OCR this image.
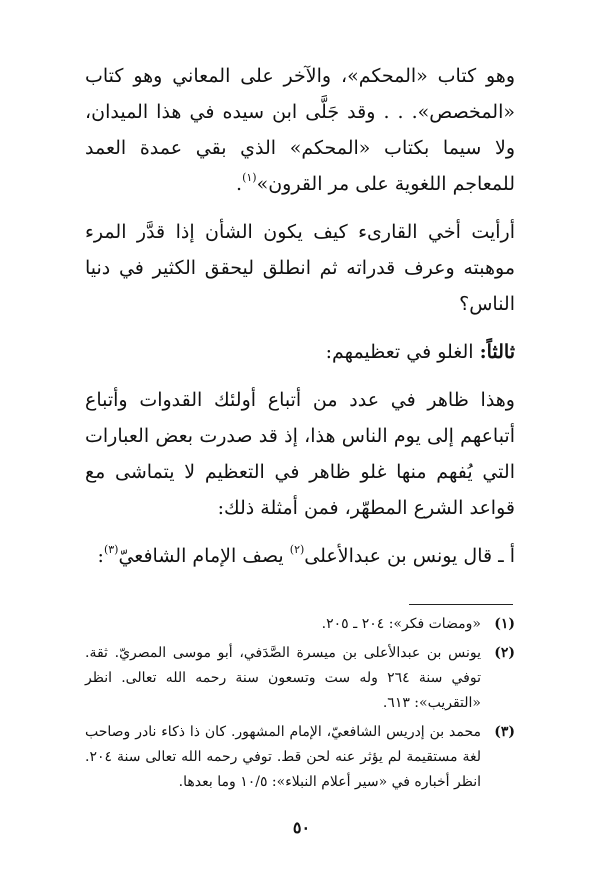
وهو كتاب «المحكم»، والآخر على المعاني وهو كتاب «المخصص». . . وقد جَلَّى ابن سيده في هذا الميدان، ولا سيما بكتاب «المحكم» الذي بقي عمدة العمد للمعاجم اللغوية على مر القرون»$^{(١)}$.

أرأيت أخي القارىء كيف يكون الشأن إذا قدَّر المرء موهبته وعرف قدراته ثم انطلق ليحقق الكثير في دنيا الناس؟

ثالثاً: الغلو في تعظيمهم:

وهذا ظاهر في عدد من أتباع أولئك القدوات وأتباع أتباعهم إلى يوم الناس هذا، إذ قد صدرت بعض العبارات التي يُفهم منها غلو ظاهر في التعظيم لا يتماشى مع قواعد الشرع المطهّر، فمن أمثلة ذلك:

أ ـ قال يونس بن عبدالأعلى$^{(٢)}$ يصف الإمام الشافعيّ$^{(٣)}$:

(١)
«ومضات فكر»: ٢٠٤ ـ ٢٠٥.
(٢)
يونس بن عبدالأعلى بن ميسرة الصَّدَفي، أبو موسى المصريّ. ثقة. توفي سنة ٢٦٤ وله ست وتسعون سنة رحمه الله تعالى. انظر «التقريب»: ٦١٣.
(٣)
محمد بن إدريس الشافعيّ، الإمام المشهور. كان ذا ذكاء نادر وصاحب لغة مستقيمة لم يؤثر عنه لحن قط. توفي رحمه الله تعالى سنة ٢٠٤. انظر أخباره في «سير أعلام النبلاء»: ١٠/٥ وما بعدها.
٥٠
